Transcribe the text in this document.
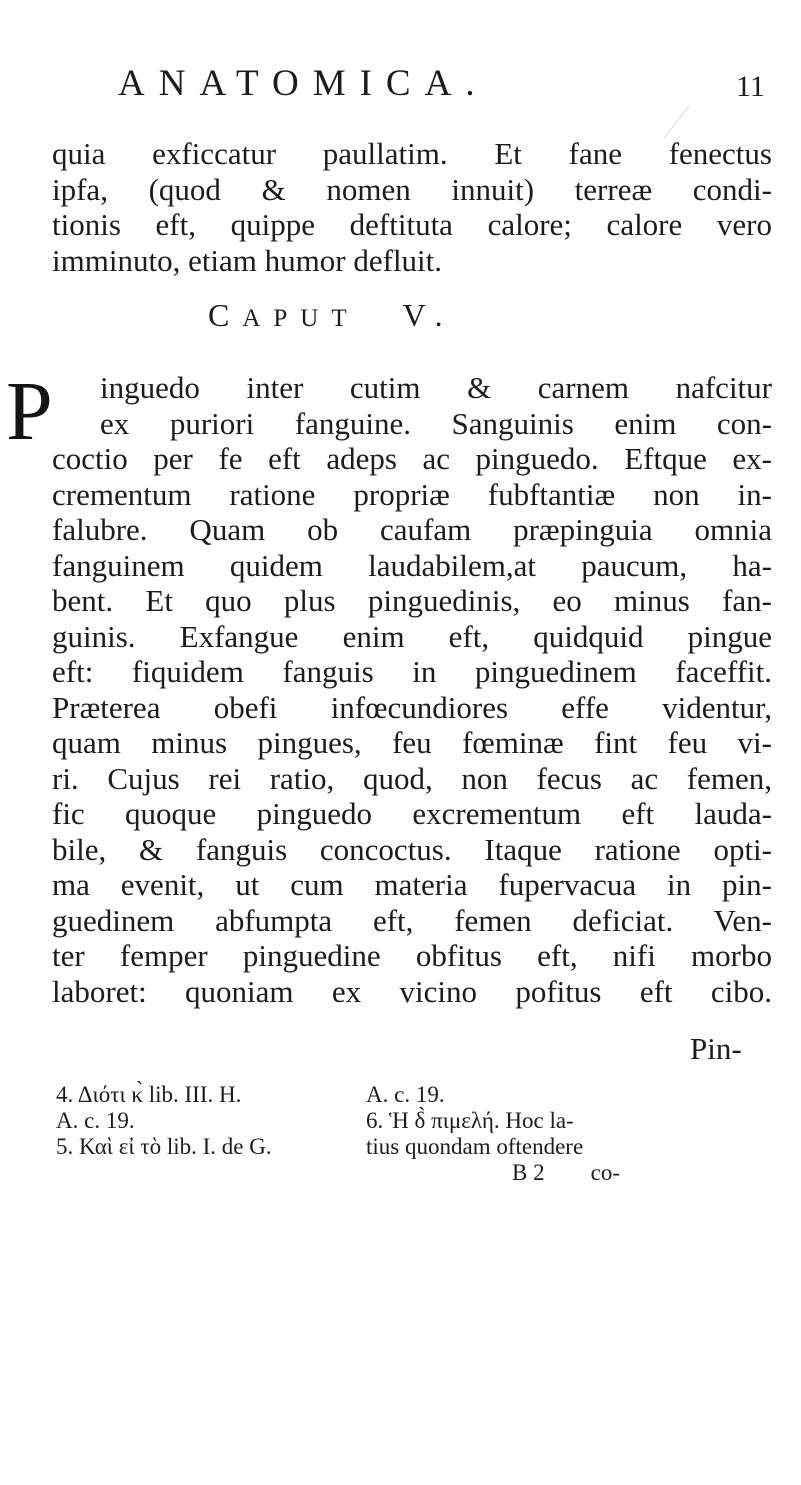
ANATOMICA.	11
quia exficcatur paullatim. Et fane fenectus
ipfa, (quod & nomen innuit) terreæ condi-
tionis eft, quippe deftituta calore; calore vero
imminuto, etiam humor defluit.
CAPUT V.
P	inguedo inter cutim & carnem nafcitur
ex puriori fanguine. Sanguinis enim con-
coctio per fe eft adeps ac pinguedo. Eftque ex-
crementum ratione propriæ fubftantiæ non in-
falubre. Quam ob caufam præpinguia omnia
fanguinem quidem laudabilem,at paucum, ha-
bent. Et quo plus pinguedinis, eo minus fan-
guinis. Exfangue enim eft, quidquid pingue
eft: fiquidem fanguis in pinguedinem faceffit.
Præterea obefi infœcundiores effe videntur,
quam minus pingues, feu fœminæ fint feu vi-
ri. Cujus rei ratio, quod, non fecus ac femen,
fic quoque pinguedo excrementum eft lauda-
bile, & fanguis concoctus. Itaque ratione opti-
ma evenit, ut cum materia fupervacua in pin-
guedinem abfumpta eft, femen deficiat. Ven-
ter femper pinguedine obfitus eft, nifi morbo
laboret: quoniam ex vicino pofitus eft cibo.
Pin-
4. Διότι κ̀ lib. III. H.	A. c. 19.
A. c. 19.	6. Ἡ δ̀ πιμελή. Hoc la-
5. Καὶ εἰ τὸ lib. I. de G.	tius quondam oftendere
B 2        co-
